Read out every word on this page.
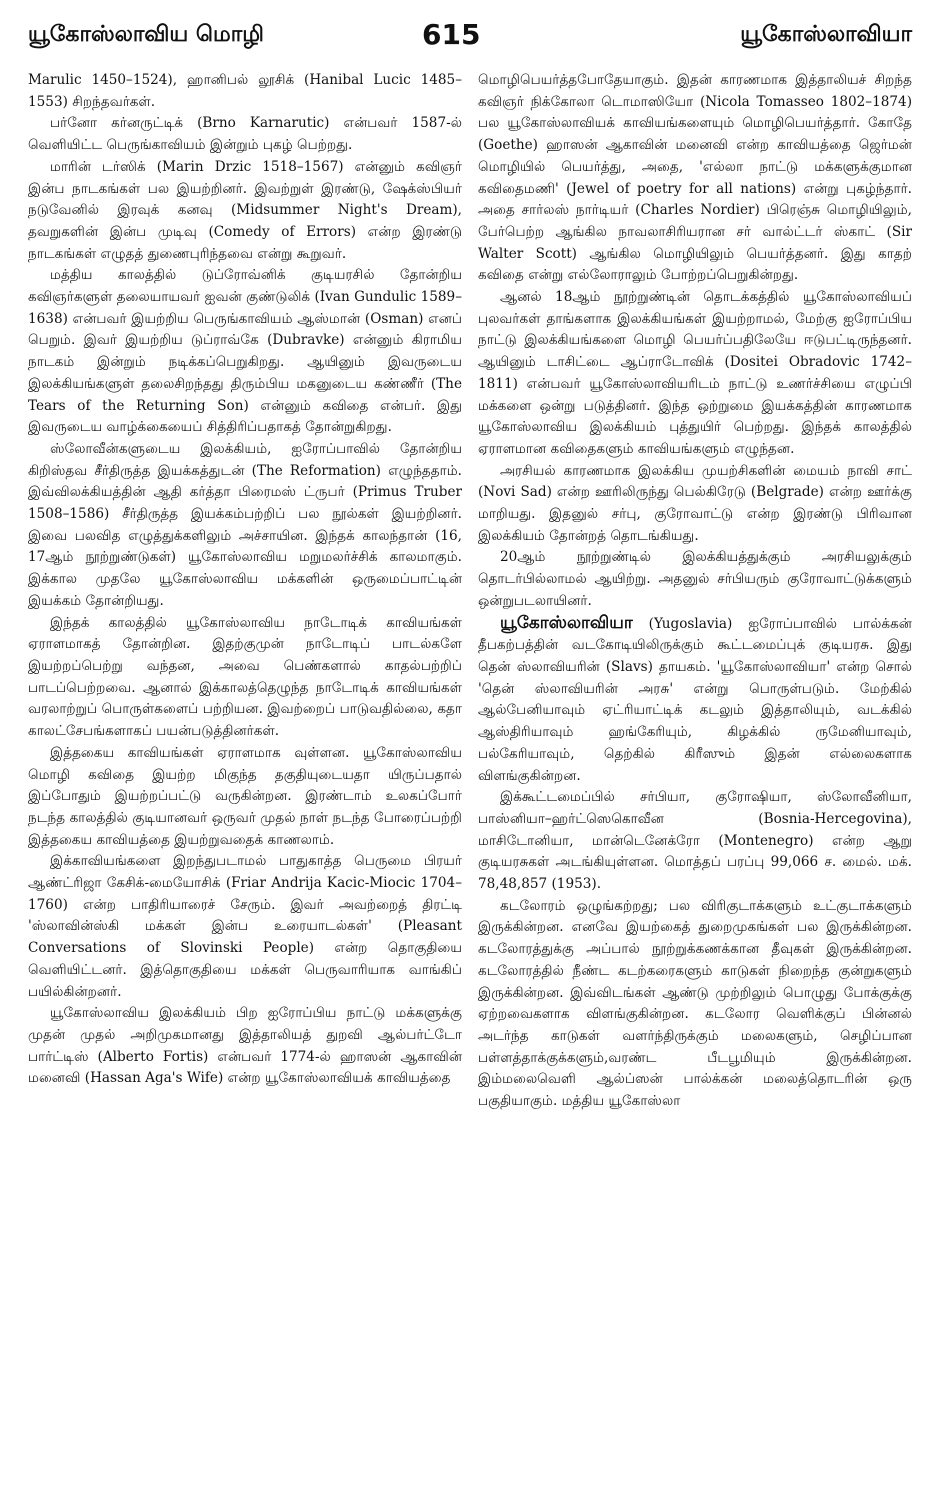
யூகோஸ்லாவிய மொழி	615	யூகோஸ்லாவியா

Marulic 1450–1524), ஹானிபல் லூசிக் (Hanibal Lucic 1485–1553) சிறந்தவர்கள்.

பர்னோ கர்னருட்டிக் (Brno Karnarutic) என்பவர் 1587-ல் வெளியிட்ட பெருங்காவியம் இன்றும் புகழ் பெற்றது.

மாரின் டர்ஸிக் (Marin Drzic 1518–1567) என்னும் கவிஞர் இன்ப நாடகங்கள் பல இயற்றினர். இவற்றுள் இரண்டு, ஷேக்ஸ்பியர் நடுவேனில் இரவுக் கனவு (Midsummer Night's Dream), தவறுகளின் இன்ப முடிவு (Comedy of Errors) என்ற இரண்டு நாடகங்கள் எழுதத் துணைபுரிந்தவை என்று கூறுவர்.

மத்திய காலத்தில் டுப்ரோவ்னிக் குடியரசில் தோன்றிய கவிஞர்களுள் தலையாயவர் ஐவன் குண்டுலிக் (Ivan Gundulic 1589–1638) என்பவர் இயற்றிய பெருங்காவியம் ஆஸ்மான் (Osman) எனப் பெறும். இவர் இயற்றிய டுப்ராவ்கே (Dubravke) என்னும் கிராமிய நாடகம் இன்றும் நடிக்கப்பெறுகிறது. ஆயினும் இவருடைய இலக்கியங்களுள் தலைசிறந்தது திரும்பிய மகனுடைய கண்ணீர் (The Tears of the Returning Son) என்னும் கவிதை என்பர். இது இவருடைய வாழ்க்கையைப் சித்திரிப்பதாகத் தோன்றுகிறது.

ஸ்லோவீன்களுடைய இலக்கியம், ஐரோப்பாவில் தோன்றிய கிறிஸ்தவ சீர்திருத்த இயக்கத்துடன் (The Reformation) எழுந்ததாம். இவ்விலக்கியத்தின் ஆதி கர்த்தா பிரைமஸ் ட்ருபர் (Primus Truber 1508–1586) சீர்திருத்த இயக்கம்பற்றிப் பல நூல்கள் இயற்றினர். இவை பலவித எழுத்துக்களிலும் அச்சாயின. இந்தக் காலந்தான் (16, 17ஆம் நூற்றுண்டுகள்) யூகோஸ்லாவிய மறுமலர்ச்சிக் காலமாகும். இக்கால முதலே யூகோஸ்லாவிய மக்களின் ஒருமைப்பாட்டின் இயக்கம் தோன்றியது.

இந்தக் காலத்தில் யூகோஸ்லாவிய நாடோடிக் காவியங்கள் ஏராளமாகத் தோன்றின. இதற்குமுன் நாடோடிப் பாடல்களே இயற்றப்பெற்று வந்தன, அவை பெண்களால் காதல்பற்றிப் பாடப்பெற்றவை. ஆனால் இக்காலத்தெழுந்த நாடோடிக் காவியங்கள் வரலாற்றுப் பொருள்களைப் பற்றியன. இவற்றைப் பாடுவதில்லை, கதா காலட்சேபங்களாகப் பயன்படுத்தினர்கள்.

இத்தகைய காவியங்கள் ஏராளமாக வுள்ளன. யூகோஸ்லாவிய மொழி கவிதை இயற்ற மிகுந்த தகுதியுடையதா யிருப்பதால் இப்போதும் இயற்றப்பட்டு வருகின்றன. இரண்டாம் உலகப்போர் நடந்த காலத்தில் குடியானவர் ஒருவர் முதல் நாள் நடந்த போரைப்பற்றி இத்தகைய காவியத்தை இயற்றுவதைக் காணலாம்.

இக்காவியங்களை இறந்துபடாமல் பாதுகாத்த பெருமை பிரயர் ஆண்ட்ரிஜா கேசிக்-மையோசிக் (Friar Andrija Kacic-Miocic 1704–1760) என்ற பாதிரியாரைச் சேரும். இவர் அவற்றைத் திரட்டி 'ஸ்லாவின்ஸ்கி மக்கள் இன்ப உரையாடல்கள்' (Pleasant Conversations of Slovinski People) என்ற தொகுதியை வெளியிட்டனர். இத்தொகுதியை மக்கள் பெருவாரியாக வாங்கிப் பயில்கின்றனர்.

யூகோஸ்லாவிய இலக்கியம் பிற ஐரோப்பிய நாட்டு மக்களுக்கு முதன் முதல் அறிமுகமானது இத்தாலியத் துறவி ஆல்பர்ட்டோ பார்ட்டிஸ் (Alberto Fortis) என்பவர் 1774-ல் ஹாஸன் ஆகாவின் மனைவி (Hassan Aga's Wife) என்ற யூகோஸ்லாவியக் காவியத்தை

மொழிபெயர்த்தபோதேயாகும். இதன் காரணமாக இத்தாலியச் சிறந்த கவிஞர் நிக்கோலா டொமாஸியோ (Nicola Tomasseo 1802–1874) பல யூகோஸ்லாவியக் காவியங்களையும் மொழிபெயர்த்தார். கோதே (Goethe) ஹாஸன் ஆகாவின் மனைவி என்ற காவியத்தை ஜெர்மன் மொழியில் பெயர்த்து, அதை, 'எல்லா நாட்டு மக்களுக்குமான கவிதைமணி' (Jewel of poetry for all nations) என்று புகழ்ந்தார். அதை சார்லஸ் நார்டியர் (Charles Nordier) பிரெஞ்சு மொழியிலும், பேர்பெற்ற ஆங்கில நாவலாசிரியரான சர் வால்ட்டர் ஸ்காட் (Sir Walter Scott) ஆங்கில மொழியிலும் பெயர்த்தனர். இது காதற் கவிதை என்று எல்லோராலும் போற்றப்பெறுகின்றது.

ஆனல் 18ஆம் நூற்றுண்டின் தொடக்கத்தில் யூகோஸ்லாவியப் புலவர்கள் தாங்களாக இலக்கியங்கள் இயற்றாமல், மேற்கு ஐரோப்பிய நாட்டு இலக்கியங்களை மொழி பெயர்ப்பதிலேயே ஈடுபட்டிருந்தனர். ஆயினும் டாசிட்டை ஆப்ராடோவிக் (Dositei Obradovic 1742–1811) என்பவர் யூகோஸ்லாவியரிடம் நாட்டு உணர்ச்சியை எழுப்பி மக்களை ஒன்று படுத்தினர். இந்த ஒற்றுமை இயக்கத்தின் காரணமாக யூகோஸ்லாவிய இலக்கியம் புத்துயிர் பெற்றது. இந்தக் காலத்தில் ஏராளமான கவிதைகளும் காவியங்களும் எழுந்தன.

அரசியல் காரணமாக இலக்கிய முயற்சிகளின் மையம் நாவி சாட் (Novi Sad) என்ற ஊரிலிருந்து பெல்கிரேடு (Belgrade) என்ற ஊர்க்கு மாறியது. இதனுல் சர்பு, குரோவாட்டு என்ற இரண்டு பிரிவான இலக்கியம் தோன்றத் தொடங்கியது.

20ஆம் நூற்றுண்டில் இலக்கியத்துக்கும் அரசியலுக்கும் தொடர்பில்லாமல் ஆயிற்று. அதனுல் சர்பியரும் குரோவாட்டுக்களும் ஒன்றுபடலாயினர்.

யூகோஸ்லாவியா (Yugoslavia) ஐரோப்பாவில் பால்க்கன் தீபகற்பத்தின் வடகோடியிலிருக்கும் கூட்டமைப்புக் குடியரசு. இது தென் ஸ்லாவியரின் (Slavs) தாயகம். 'யூகோஸ்லாவியா' என்ற சொல் 'தென் ஸ்லாவியரின் அரசு' என்று பொருள்படும். மேற்கில் ஆல்பேனியாவும் ஏட்ரியாட்டிக் கடலும் இத்தாலியும், வடக்கில் ஆஸ்திரியாவும் ஹங்கேரியும், கிழக்கில் ருமேனியாவும், பல்கேரியாவும், தெற்கில் கிரீஸும் இதன் எல்லைகளாக விளங்குகின்றன.

இக்கூட்டமைப்பில் சர்பியா, குரோஷியா, ஸ்லோவீனியா, பாஸ்னியா–ஹர்ட்ஸெகொவீன (Bosnia-Hercegovina), மாசிடோனியா, மான்டெனேக்ரோ (Montenegro) என்ற ஆறு குடியரசுகள் அடங்கியுள்ளன. மொத்தப் பரப்பு 99,066 ச. மைல். மக். 78,48,857 (1953).

கடலோரம் ஒழுங்கற்றது; பல விரிகுடாக்களும் உட்குடாக்களும் இருக்கின்றன. எனவே இயற்கைத் துறைமுகங்கள் பல இருக்கின்றன. கடலோரத்துக்கு அப்பால் நூற்றுக்கணக்கான தீவுகள் இருக்கின்றன. கடலோரத்தில் நீண்ட கடற்கரைகளும் காடுகள் நிறைந்த குன்றுகளும் இருக்கின்றன. இவ்விடங்கள் ஆண்டு முற்றிலும் பொழுது போக்குக்கு ஏற்றவைகளாக விளங்குகின்றன. கடலோர வெளிக்குப் பின்னல் அடர்ந்த காடுகள் வளர்ந்திருக்கும் மலைகளும், செழிப்பான பள்ளத்தாக்குக்களும்,வரண்ட பீடபூமியும் இருக்கின்றன. இம்மலைவெளி ஆல்ப்ஸன் பால்க்கன் மலைத்தொடரின் ஒரு பகுதியாகும். மத்திய யூகோஸ்லா
